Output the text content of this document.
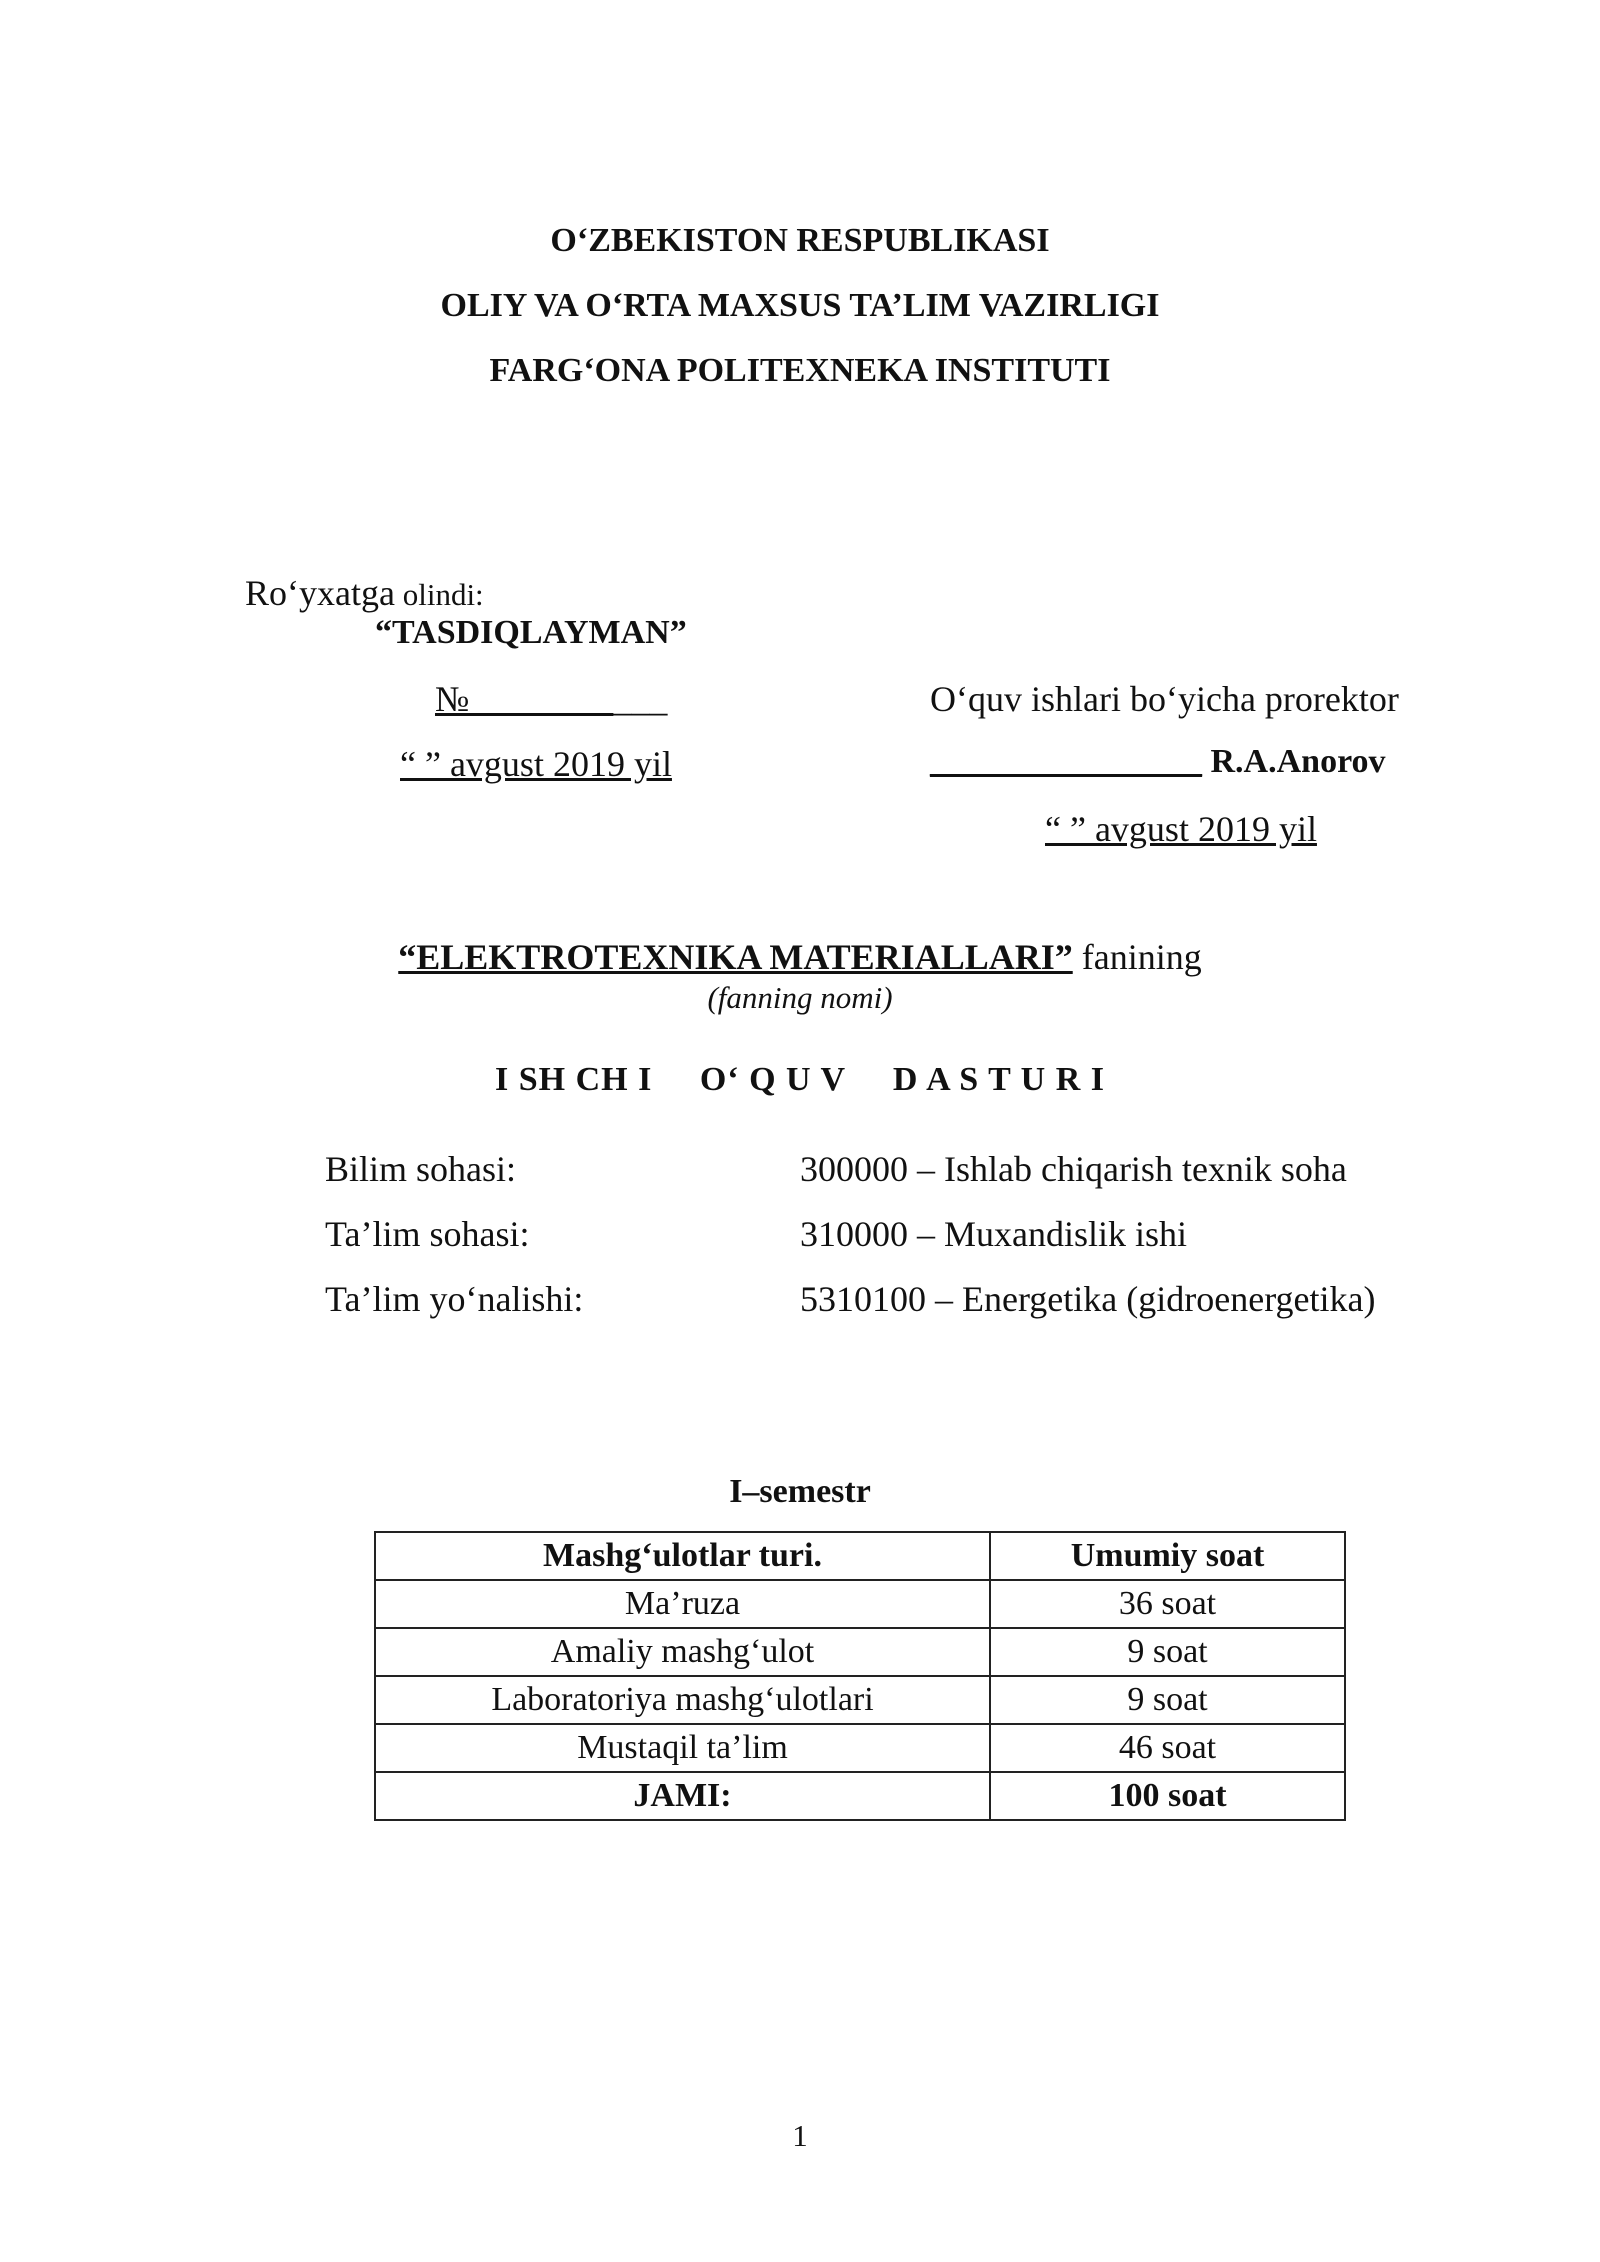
O‘ZBEKISTON RESPUBLIKASI
OLIY VA O‘RTA MAXSUS TA’LIM VAZIRLIGI
FARG‘ONA POLITEXNEKA INSTITUTI
Ro‘yxatga olindi:
“TASDIQLAYMAN”
№___________
“ ” avgust 2019 yil
O‘quv ishlari bo‘yicha prorektor
________________ R.A.Anorov
“ ” avgust 2019 yil
“ELEKTROTEXNIKA MATERIALLARI” fanining
(fanning nomi)
I SH CH I     O‘ Q U V     D A S T U R I
Bilim sohasi:	300000 – Ishlab chiqarish texnik soha
Ta’lim sohasi:	310000 – Muxandislik ishi
Ta’lim yo‘nalishi:	5310100 – Energetika (gidroenergetika)
I–semestr
Mashg‘ulotlar turi.	Umumiy soat
Ma’ruza	36 soat
Amaliy mashg‘ulot	9 soat
Laboratoriya mashg‘ulotlari	9 soat
Mustaqil ta’lim	46 soat
JAMI:	100 soat
1
